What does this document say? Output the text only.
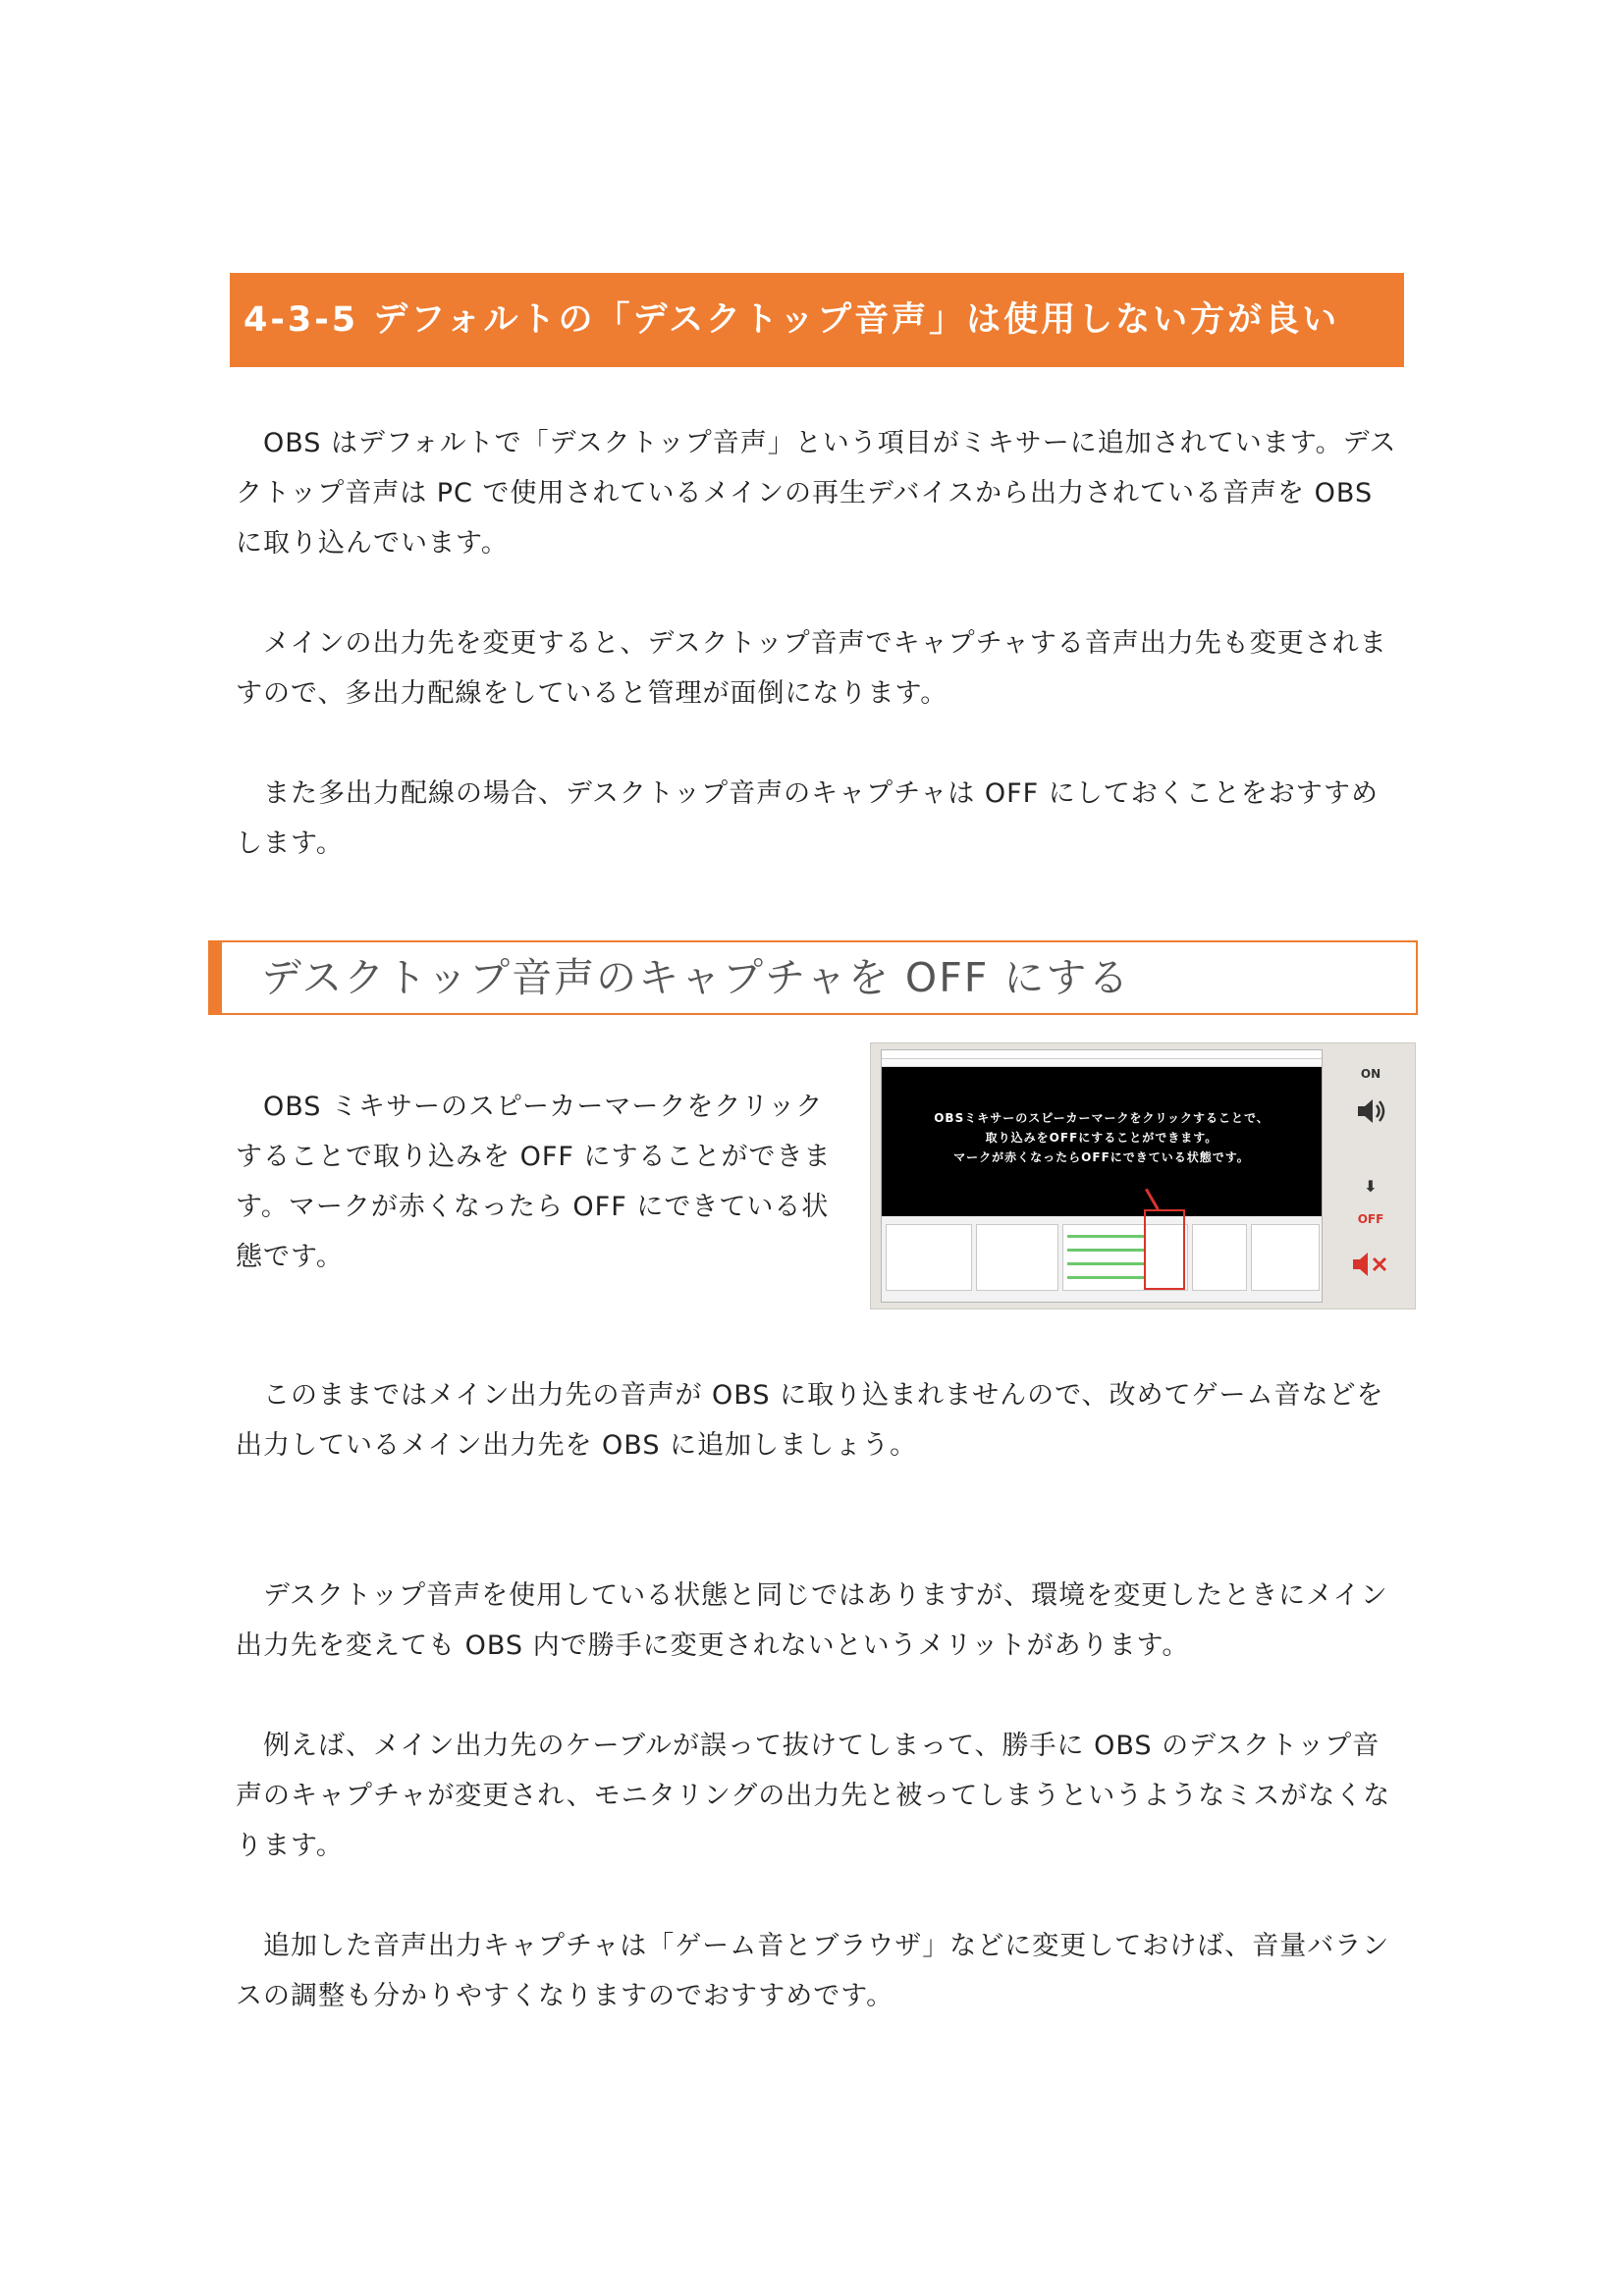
4-3-5 デフォルトの「デスクトップ音声」は使用しない方が良い

　OBS はデフォルトで「デスクトップ音声」という項目がミキサーに追加されています。デスクトップ音声は PC で使用されているメインの再生デバイスから出力されている音声を OBS に取り込んでいます。

　メインの出力先を変更すると、デスクトップ音声でキャプチャする音声出力先も変更されますので、多出力配線をしていると管理が面倒になります。

　また多出力配線の場合、デスクトップ音声のキャプチャは OFF にしておくことをおすすめします。

デスクトップ音声のキャプチャを OFF にする

　OBS ミキサーのスピーカーマークをクリックすることで取り込みを OFF にすることができます。マークが赤くなったら OFF にできている状態です。

OBSミキサーのスピーカーマークをクリックすることで、
取り込みをOFFにすることができます。
マークが赤くなったらOFFにできている状態です。
ON
⬇
OFF

　このままではメイン出力先の音声が OBS に取り込まれませんので、改めてゲーム音などを出力しているメイン出力先を OBS に追加しましょう。

　デスクトップ音声を使用している状態と同じではありますが、環境を変更したときにメイン出力先を変えても OBS 内で勝手に変更されないというメリットがあります。

　例えば、メイン出力先のケーブルが誤って抜けてしまって、勝手に OBS のデスクトップ音声のキャプチャが変更され、モニタリングの出力先と被ってしまうというようなミスがなくなります。

　追加した音声出力キャプチャは「ゲーム音とブラウザ」などに変更しておけば、音量バランスの調整も分かりやすくなりますのでおすすめです。
